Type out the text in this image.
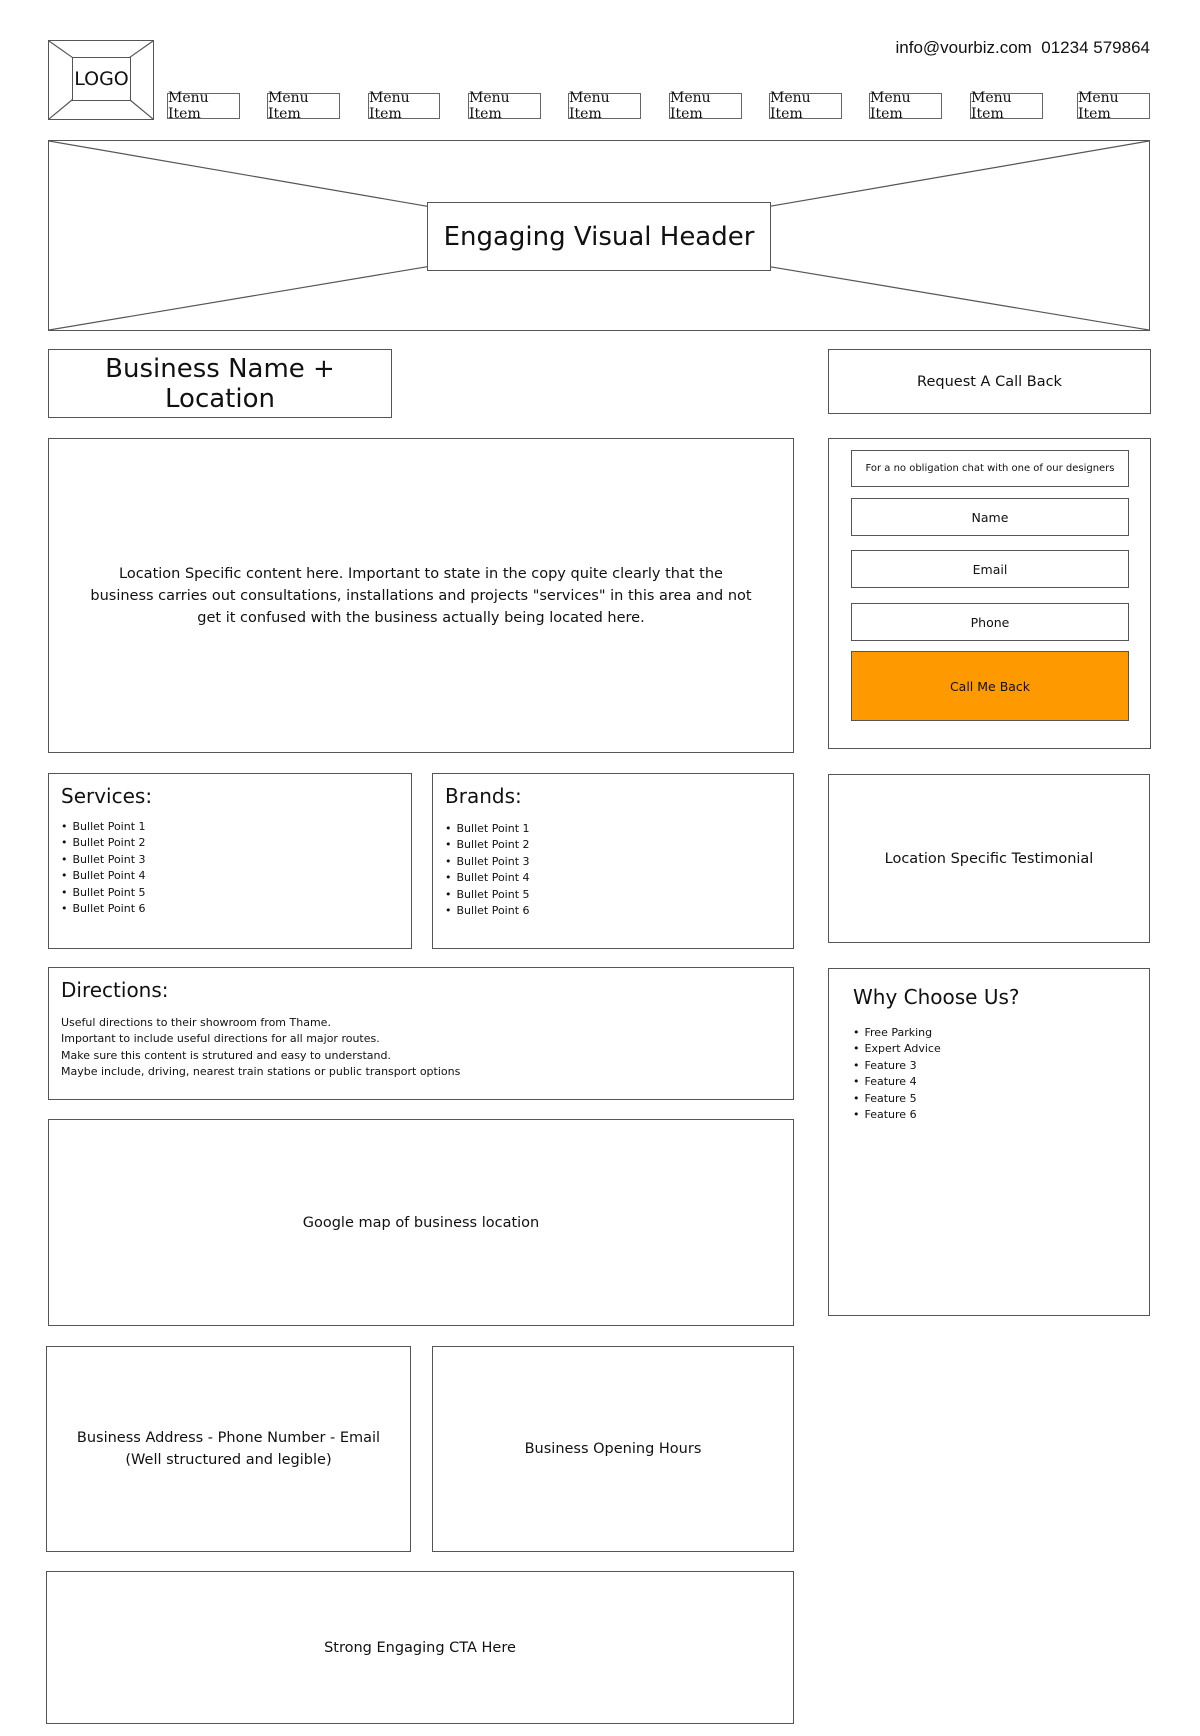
LOGO
info@vourbiz.com  01234 579864
Menu Item
Menu Item
Menu Item
Menu Item
Menu Item
Menu Item
Menu Item
Menu Item
Menu Item
Menu Item
Engaging Visual Header
Business Name + Location
Request A Call Back
Location Specific content here. Important to state in the copy quite clearly that the business carries out consultations, installations and projects "services" in this area and not get it confused with the business actually being located here.
For a no obligation chat with one of our designers
Name
Email
Phone
Call Me Back
Services:
• Bullet Point 1
• Bullet Point 2
• Bullet Point 3
• Bullet Point 4
• Bullet Point 5
• Bullet Point 6
Brands:
• Bullet Point 1
• Bullet Point 2
• Bullet Point 3
• Bullet Point 4
• Bullet Point 5
• Bullet Point 6
Location Specific Testimonial
Directions:
Useful directions to their showroom from Thame.
Important to include useful directions for all major routes.
Make sure this content is strutured and easy to understand.
Maybe include, driving, nearest train stations or public transport options
Why Choose Us?
• Free Parking
• Expert Advice
• Feature 3
• Feature 4
• Feature 5
• Feature 6
Google map of business location
Business Address - Phone Number - Email
(Well structured and legible)
Business Opening Hours
Strong Engaging CTA Here
